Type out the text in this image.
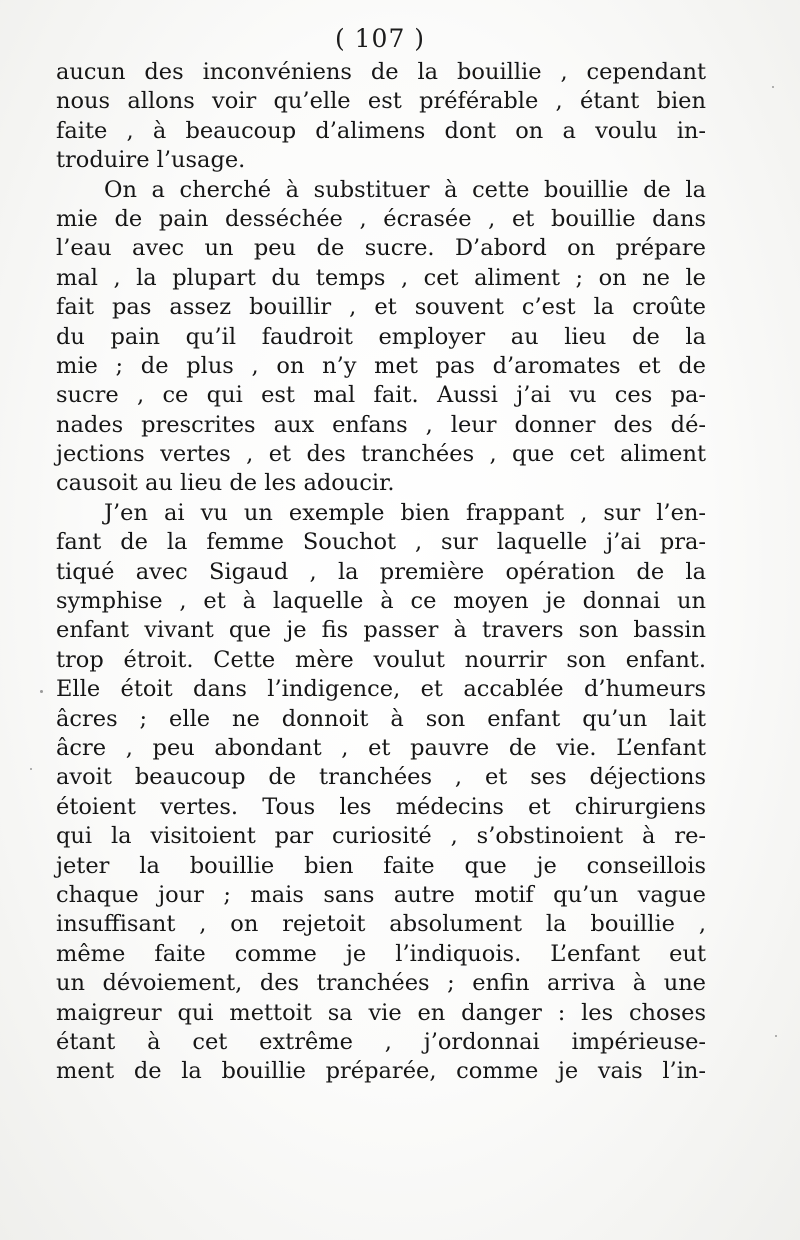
( 107 )
aucun des inconvéniens de la bouillie , cependant
nous allons voir qu’elle est préférable , étant bien
faite , à beaucoup d’alimens dont on a voulu in-
troduire l’usage.
On a cherché à substituer à cette bouillie de la
mie de pain desséchée , écrasée , et bouillie dans
l’eau avec un peu de sucre. D’abord on prépare
mal , la plupart du temps , cet aliment ; on ne le
fait pas assez bouillir , et souvent c’est la croûte
du pain qu’il faudroit employer au lieu de la
mie ; de plus , on n’y met pas d’aromates et de
sucre , ce qui est mal fait. Aussi j’ai vu ces pa-
nades prescrites aux enfans , leur donner des dé-
jections vertes , et des tranchées , que cet aliment
causoit au lieu de les adoucir.
J’en ai vu un exemple bien frappant , sur l’en-
fant de la femme Souchot , sur laquelle j’ai pra-
tiqué avec Sigaud , la première opération de la
symphise , et à laquelle à ce moyen je donnai un
enfant vivant que je fis passer à travers son bassin
trop étroit. Cette mère voulut nourrir son enfant.
Elle étoit dans l’indigence, et accablée d’humeurs
âcres ; elle ne donnoit à son enfant qu’un lait
âcre , peu abondant , et pauvre de vie. L’enfant
avoit beaucoup de tranchées , et ses déjections
étoient vertes. Tous les médecins et chirurgiens
qui la visitoient par curiosité , s’obstinoient à re-
jeter la bouillie bien faite que je conseillois
chaque jour ; mais sans autre motif qu’un vague
insuffisant , on rejetoit absolument la bouillie ,
même faite comme je l’indiquois. L’enfant eut
un dévoiement, des tranchées ; enfin arriva à une
maigreur qui mettoit sa vie en danger : les choses
étant à cet extrême , j’ordonnai impérieuse-
ment de la bouillie préparée, comme je vais l’in-
